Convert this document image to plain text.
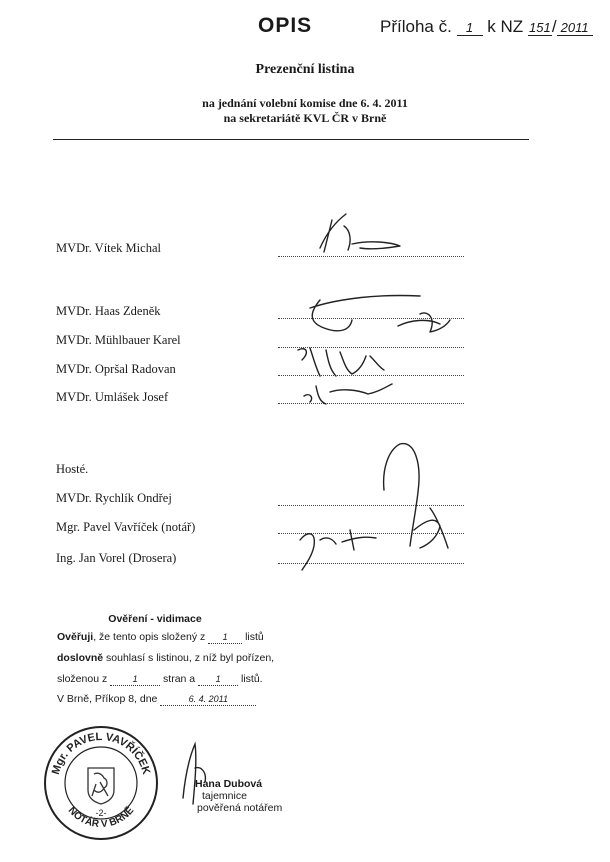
OPIS	Příloha č. 1 k NZ 151/ 2011
Prezenční listina
na jednání volební komise dne 6. 4. 2011
na sekretariátě KVL ČR v Brně
MVDr. Vítek Michal
MVDr. Haas Zdeněk
MVDr. Mühlbauer Karel
MVDr. Opršal Radovan
MVDr. Umlášek Josef
Hosté.
MVDr. Rychlík Ondřej
Mgr. Pavel Vavříček (notář)
Ing. Jan Vorel (Drosera)
Ověření - vidimace
Ověřuji, že tento opis složený z 1 listů
doslovně souhlasí s listinou, z níž byl pořízen,
složenou z	1 stran a 1 listů.
V Brně, Příkop 8, dne	6. 4. 2011
Mgr. PAVEL VAVŘÍČEK
NOTÁŘ V BRNĚ
-2-
Hana Dubová
tajemnice
pověřená notářem
